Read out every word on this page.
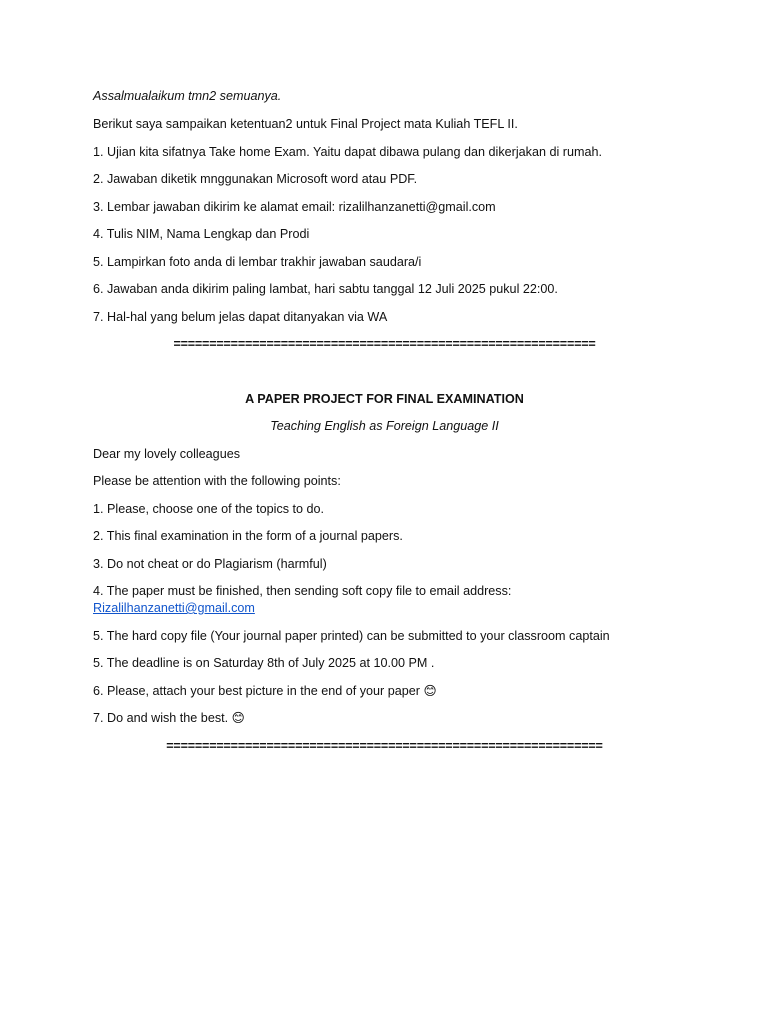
Assalmualaikum tmn2 semuanya.

Berikut saya sampaikan ketentuan2 untuk Final Project mata Kuliah TEFL II.

1. Ujian kita sifatnya Take home Exam. Yaitu dapat dibawa pulang dan dikerjakan di rumah.

2. Jawaban diketik mnggunakan Microsoft word atau PDF.

3. Lembar jawaban dikirim ke alamat email: rizalilhanzanetti@gmail.com

4. Tulis NIM, Nama Lengkap dan Prodi

5. Lampirkan foto anda di lembar trakhir jawaban saudara/i

6. Jawaban anda dikirim paling lambat, hari sabtu tanggal 12 Juli 2025 pukul 22:00.

7. Hal-hal yang belum jelas dapat ditanyakan via WA

===========================================================

A PAPER PROJECT FOR FINAL EXAMINATION

Teaching English as Foreign Language II

Dear my lovely colleagues

Please be attention with the following points:

1. Please, choose one of the topics to do.

2. This final examination in the form of a journal papers.

3. Do not cheat or do Plagiarism (harmful)

4. The paper must be finished, then sending soft copy file to email address:
Rizalilhanzanetti@gmail.com

5. The hard copy file (Your journal paper printed) can be submitted to your classroom captain

5. The deadline is on Saturday 8th of July 2025 at 10.00 PM .

6. Please, attach your best picture in the end of your paper 😊

7. Do and wish the best. 😊

=============================================================
